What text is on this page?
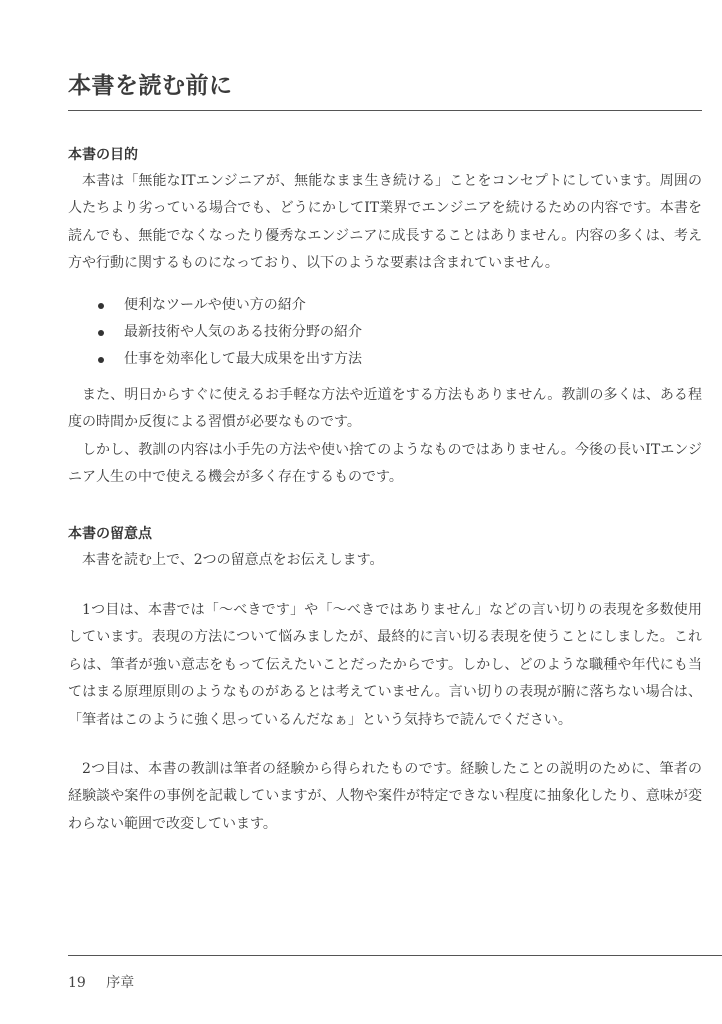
本書を読む前に
本書の目的

本書は「無能なITエンジニアが、無能なまま生き続ける」ことをコンセプトにしています。周囲の人たちより劣っている場合でも、どうにかしてIT業界でエンジニアを続けるための内容です。本書を読んでも、無能でなくなったり優秀なエンジニアに成長することはありません。内容の多くは、考え方や行動に関するものになっており、以下のような要素は含まれていません。

便利なツールや使い方の紹介
最新技術や人気のある技術分野の紹介
仕事を効率化して最大成果を出す方法

また、明日からすぐに使えるお手軽な方法や近道をする方法もありません。教訓の多くは、ある程度の時間か反復による習慣が必要なものです。

しかし、教訓の内容は小手先の方法や使い捨てのようなものではありません。今後の長いITエンジニア人生の中で使える機会が多く存在するものです。

本書の留意点

本書を読む上で、2つの留意点をお伝えします。

1つ目は、本書では「〜べきです」や「〜べきではありません」などの言い切りの表現を多数使用しています。表現の方法について悩みましたが、最終的に言い切る表現を使うことにしました。これらは、筆者が強い意志をもって伝えたいことだったからです。しかし、どのような職種や年代にも当てはまる原理原則のようなものがあるとは考えていません。言い切りの表現が腑に落ちない場合は、「筆者はこのように強く思っているんだなぁ」という気持ちで読んでください。

2つ目は、本書の教訓は筆者の経験から得られたものです。経験したことの説明のために、筆者の経験談や案件の事例を記載していますが、人物や案件が特定できない程度に抽象化したり、意味が変わらない範囲で改変しています。

19 序章
